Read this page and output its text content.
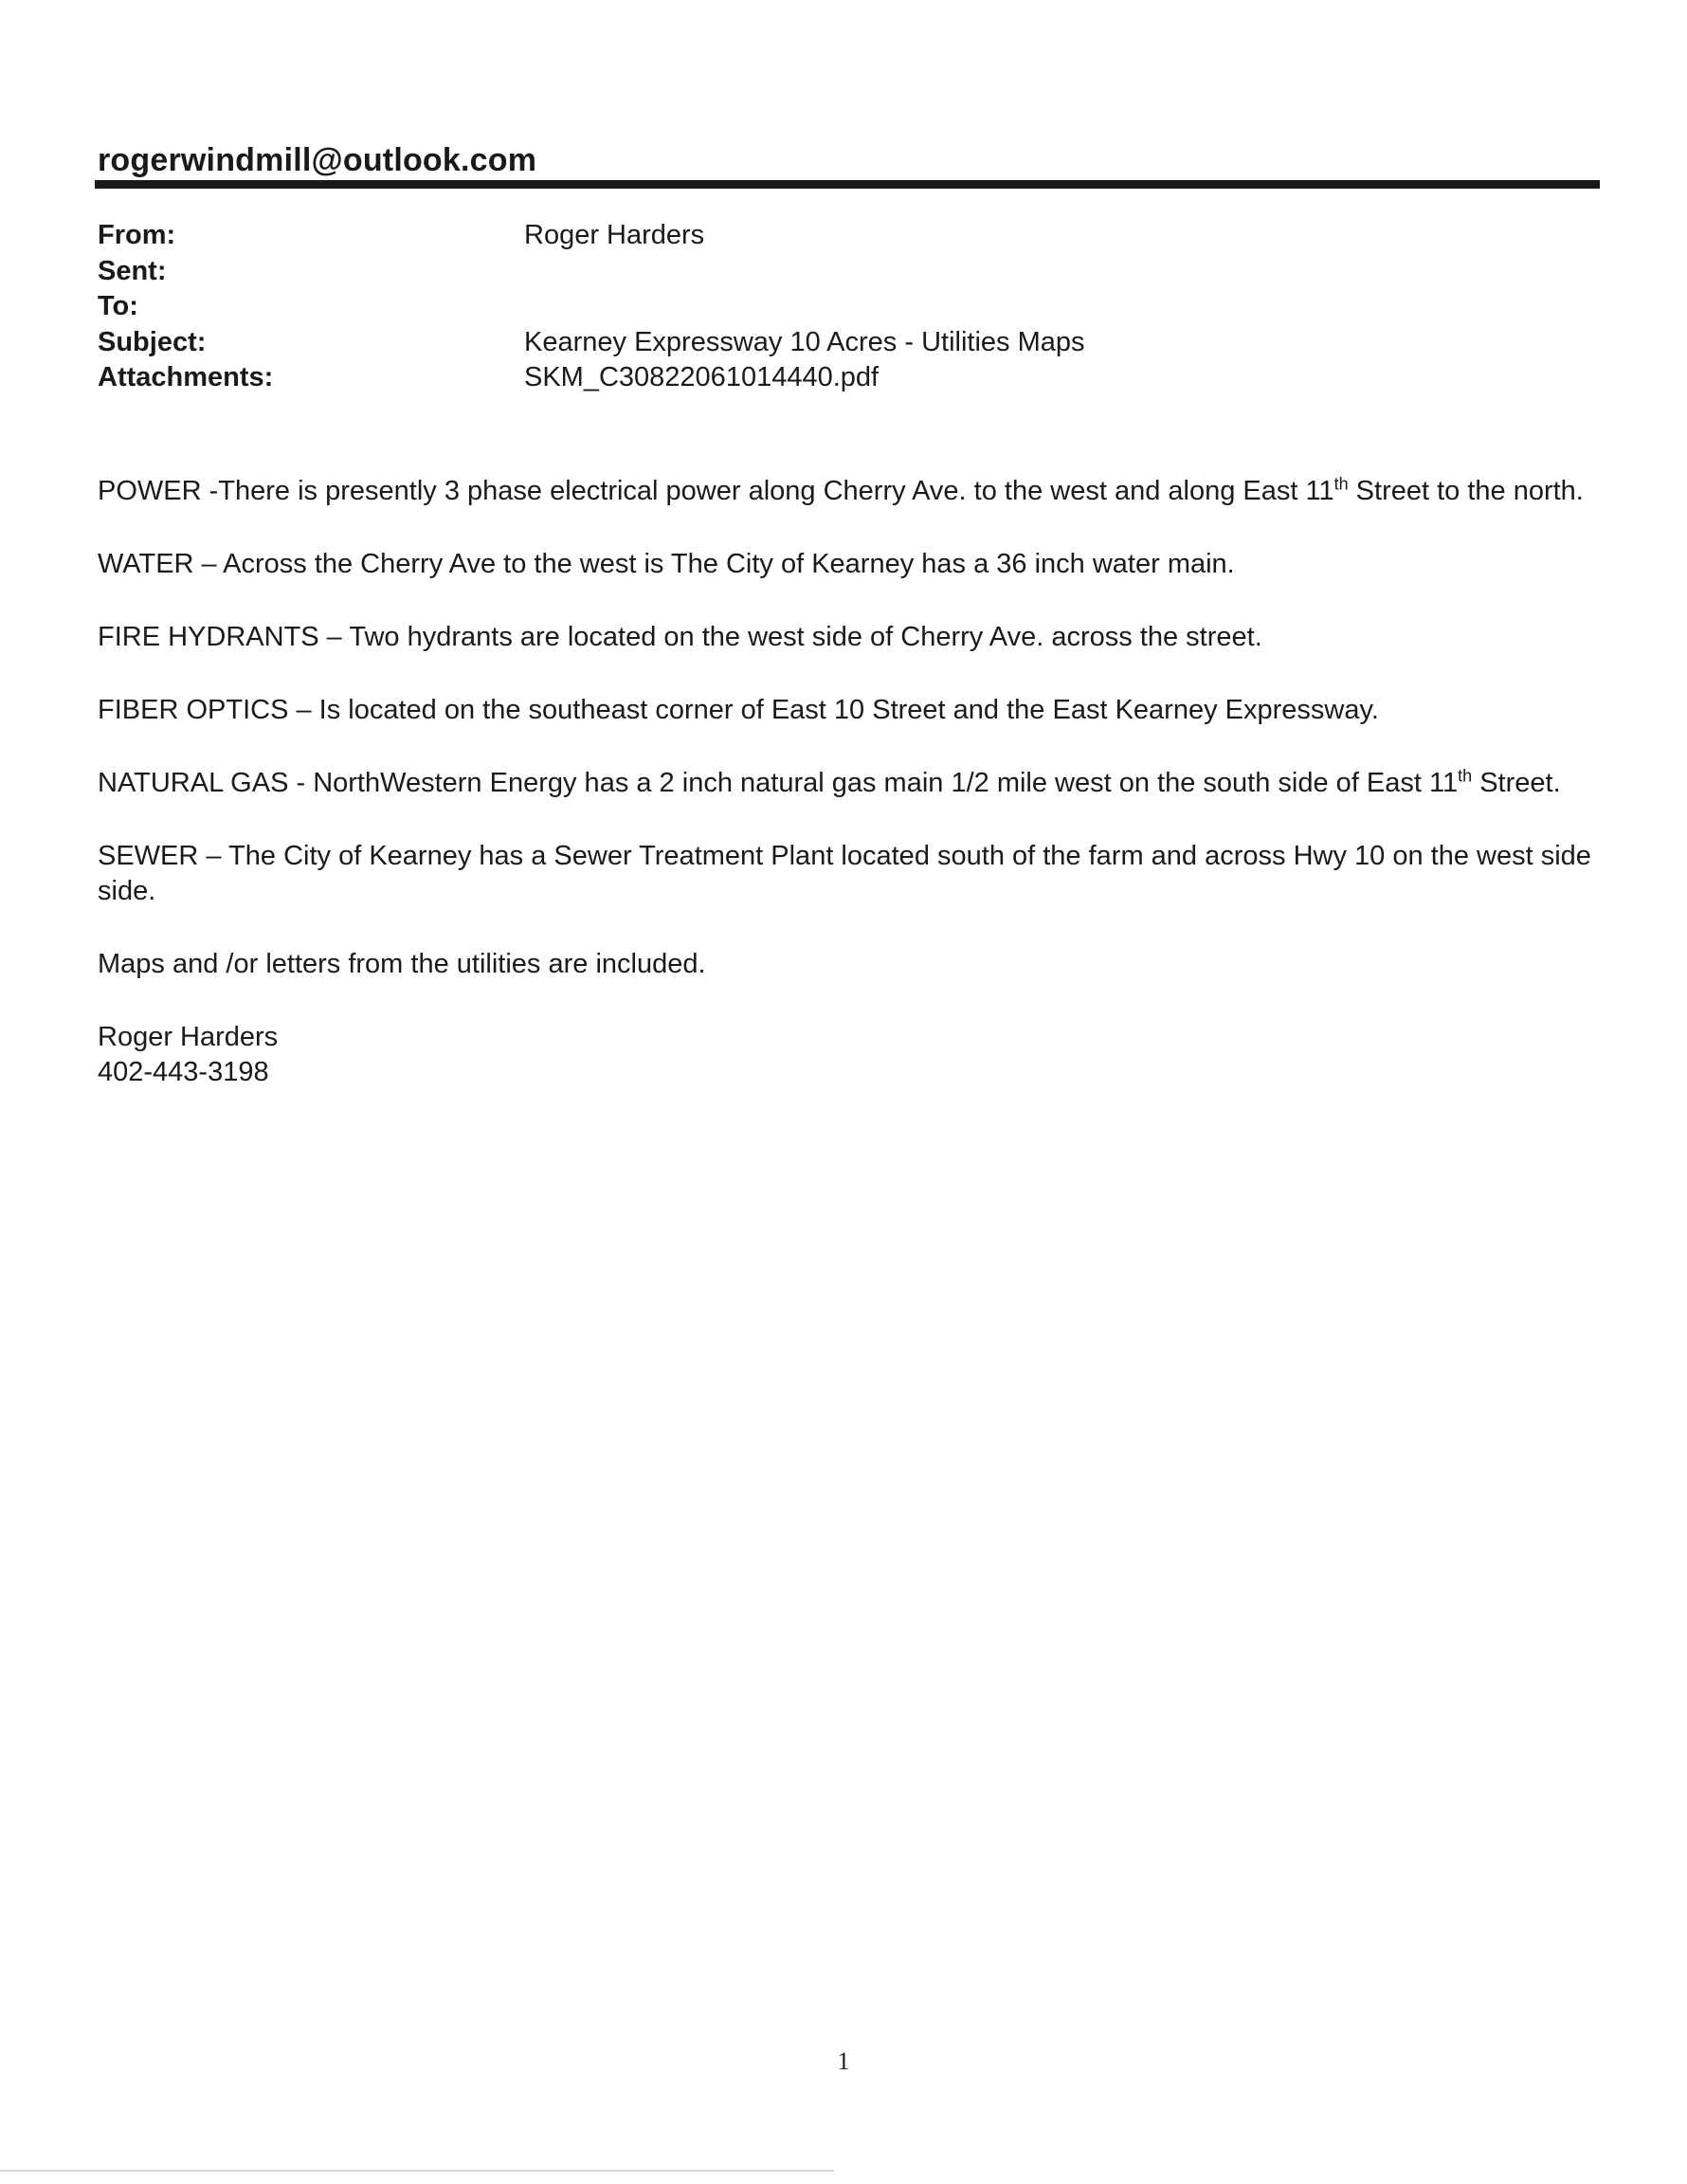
rogerwindmill@outlook.com
From:	Roger Harders
Sent:
To:
Subject:	Kearney Expressway 10 Acres - Utilities Maps
Attachments:	SKM_C30822061014440.pdf

POWER -There is presently 3 phase electrical power along Cherry Ave. to the west and along East 11th Street to the north.

WATER – Across the Cherry Ave to the west is The City of Kearney has a 36 inch water main.

FIRE HYDRANTS – Two hydrants are located on the west side of Cherry Ave. across the street.

FIBER OPTICS – Is located on the southeast corner of East 10 Street and the East Kearney Expressway.

NATURAL GAS - NorthWestern Energy has a 2 inch natural gas main 1/2 mile west on the south side of East 11th Street.

SEWER – The City of Kearney has a Sewer Treatment Plant located south of the farm and across Hwy 10 on the west side side.

Maps and /or letters from the utilities are included.

Roger Harders

402-443-3198

1
